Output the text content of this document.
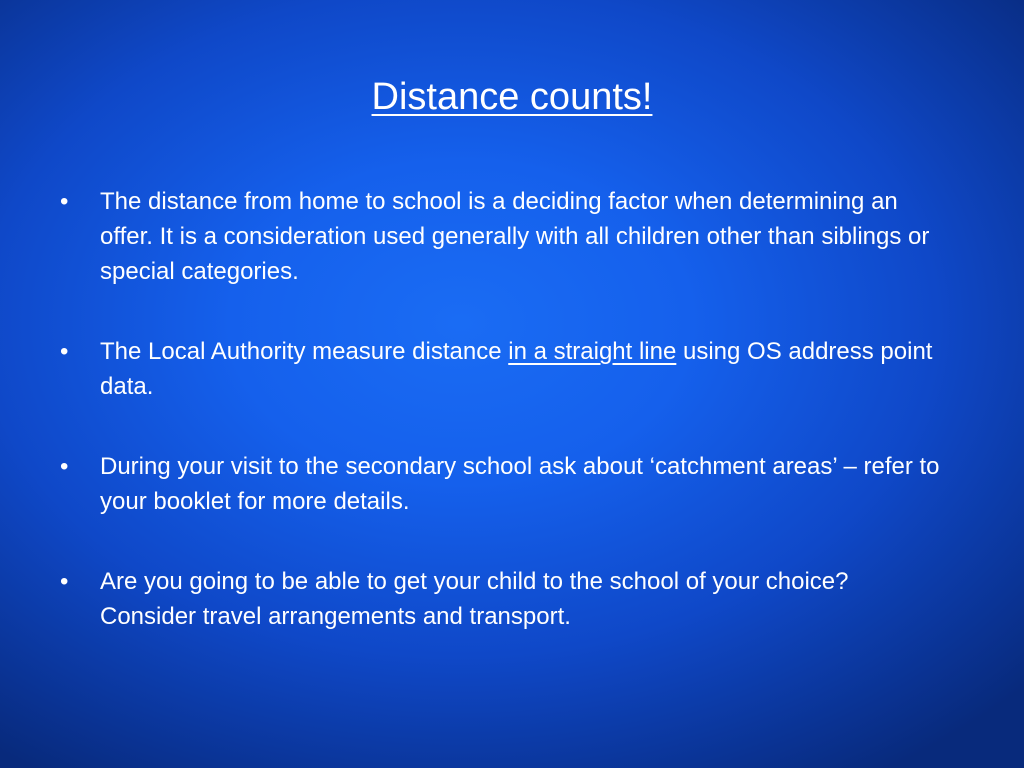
Distance counts!
•	The distance from home to school is a deciding factor when determining an offer. It is a consideration used generally with all children other than siblings or special categories.
•	The Local Authority measure distance in a straight line using OS address point data.
•	During your visit to the secondary school ask about ‘catchment areas’ – refer to your booklet for more details.
•	Are you going to be able to get your child to the school of your choice? Consider travel arrangements and transport.
